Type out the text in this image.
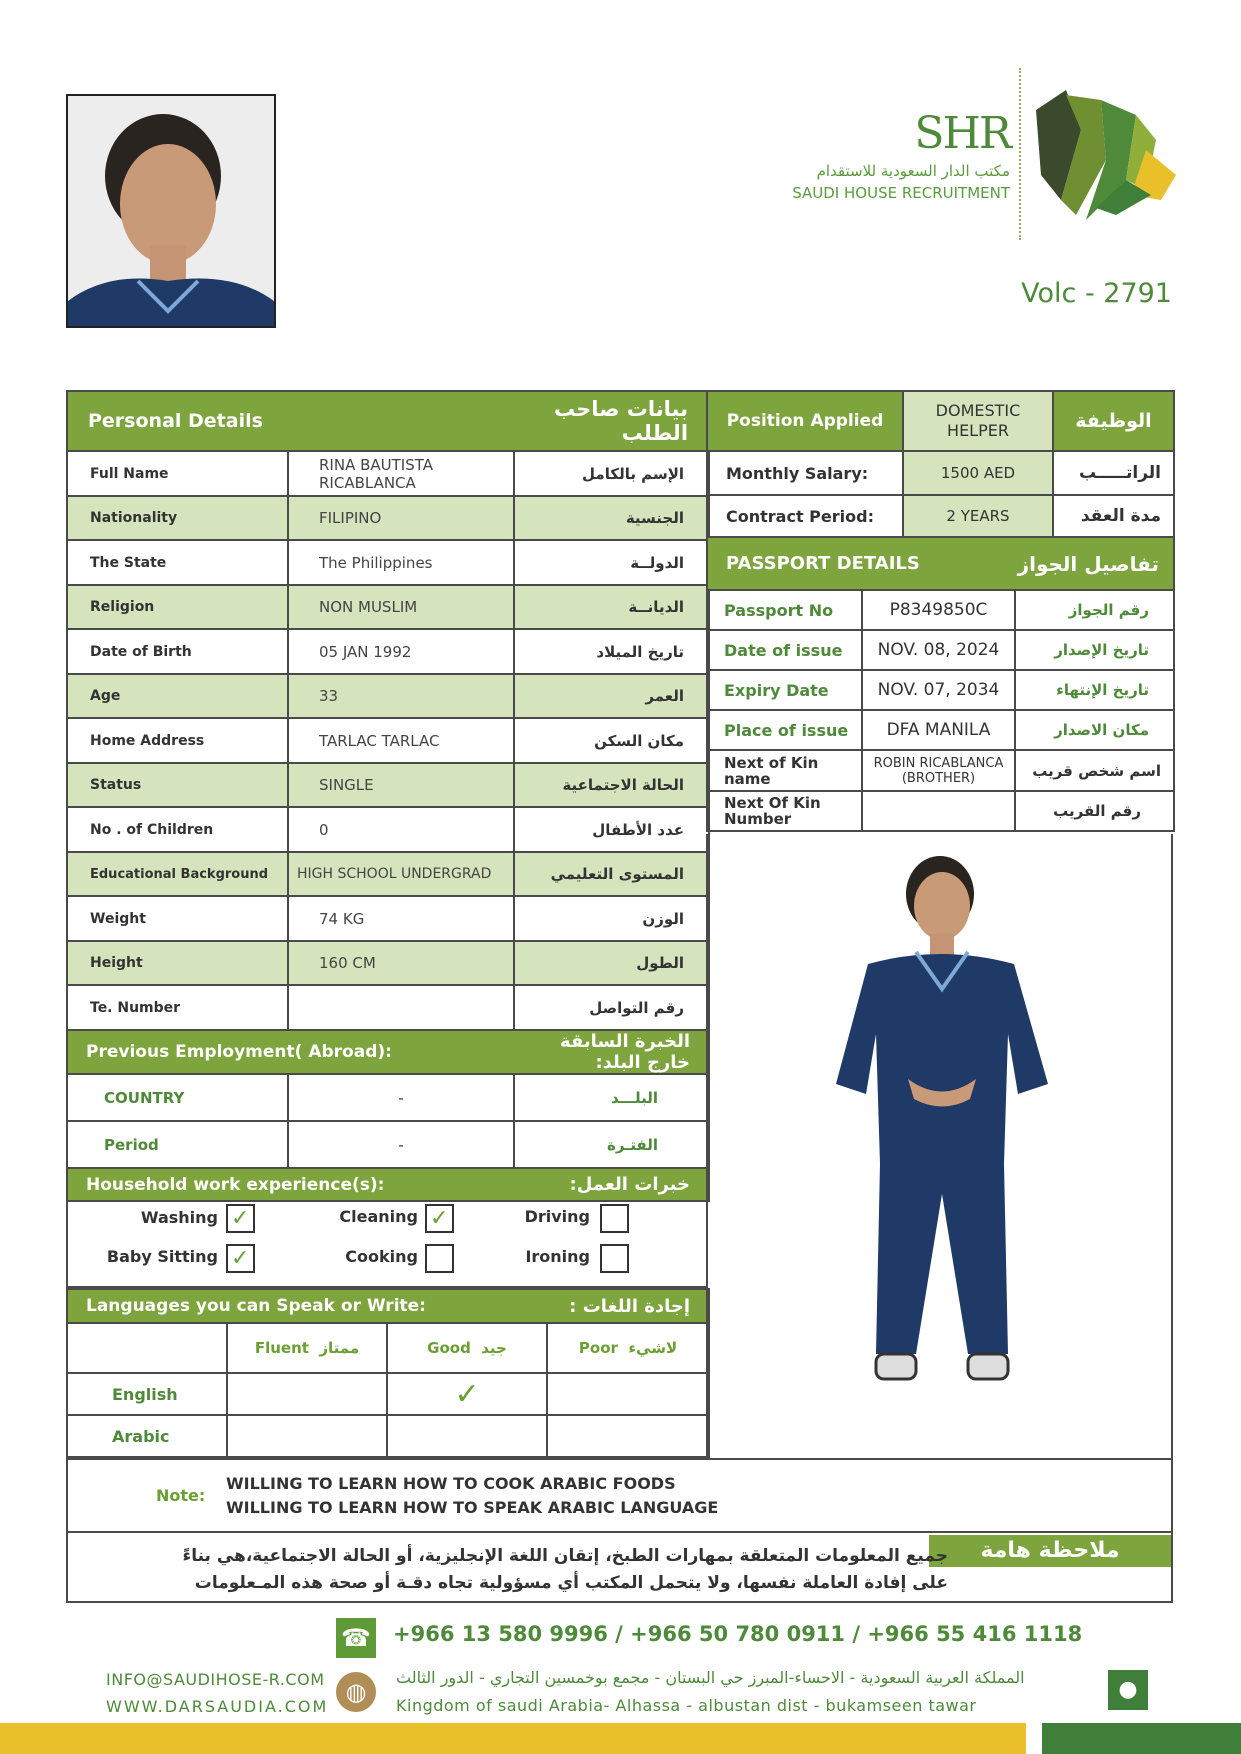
SHR
مكتب الدار السعودية للاستقدام
SAUDI HOUSE RECRUITMENT
Volc - 2791
Personal Details		بيانات صاحب الطلب
Full Name	RINA BAUTISTA RICABLANCA	الإسم بالكامل
Nationality	FILIPINO	الجنسية
The State	The Philippines	الدولــة
Religion	NON MUSLIM	الديانــة
Date of Birth	05 JAN 1992	تاريخ الميلاد
Age	33	العمر
Home Address	TARLAC TARLAC	مكان السكن
Status	SINGLE	الحالة الاجتماعية
No . of Children	0	عدد الأطفال
Educational Background	HIGH SCHOOL UNDERGRAD	المستوى التعليمي
Weight	74 KG	الوزن
Height	160 CM	الطول
Te. Number		رقم التواصل
Previous Employment( Abroad):		الخبرة السابقة خارج البلد:
COUNTRY	-	البلـــد
Period	-	الفتـرة
Household work experience(s):		خبرات العمل:
Washing ✓	Cleaning ✓	Driving
Baby Sitting ✓	Cooking	Ironing
Languages you can Speak or Write:		إجادة اللغات :	
	Fluent ممتاز	Good جيد	Poor لاشيء
English		✓	
Arabic			
Position Applied	DOMESTIC HELPER	الوظيفة
Monthly Salary:	1500 AED	الراتـــــب
Contract Period:	2 YEARS	مدة العقد
PASSPORT DETAILS		تفاصيل الجواز
Passport No	P8349850C	رقم الجواز
Date of issue	NOV. 08, 2024	تاريخ الإصدار
Expiry Date	NOV. 07, 2034	تاريخ الإنتهاء
Place of issue	DFA MANILA	مكان الاصدار
Next of Kin name	ROBIN RICABLANCA (BROTHER)	اسم شخص قريب
Next Of Kin Number		رقم القريب
Note:
WILLING TO LEARN HOW TO COOK ARABIC FOODS
WILLING TO LEARN HOW TO SPEAK ARABIC LANGUAGE
ملاحظة هامة
جميع المعلومات المتعلقة بمهارات الطبخ، إتقان اللغة الإنجليزية، أو الحالة الاجتماعية،هي بناءً
على إفادة العاملة نفسها، ولا يتحمل المكتب أي مسؤولية تجاه دقـة أو صحة هذه المـعلومات
☎ +966 13 580 9996 / +966 50 780 0911 / +966 55 416 1118
INFO@SAUDIHOSE-R.COM
WWW.DARSAUDIA.COM
◍
المملكة العربية السعودية - الاحساء-المبرز حي البستان - مجمع بوخمسين التجاري - الدور الثالث
Kingdom of saudi Arabia- Alhassa - albustan dist - bukamseen tawar
●
